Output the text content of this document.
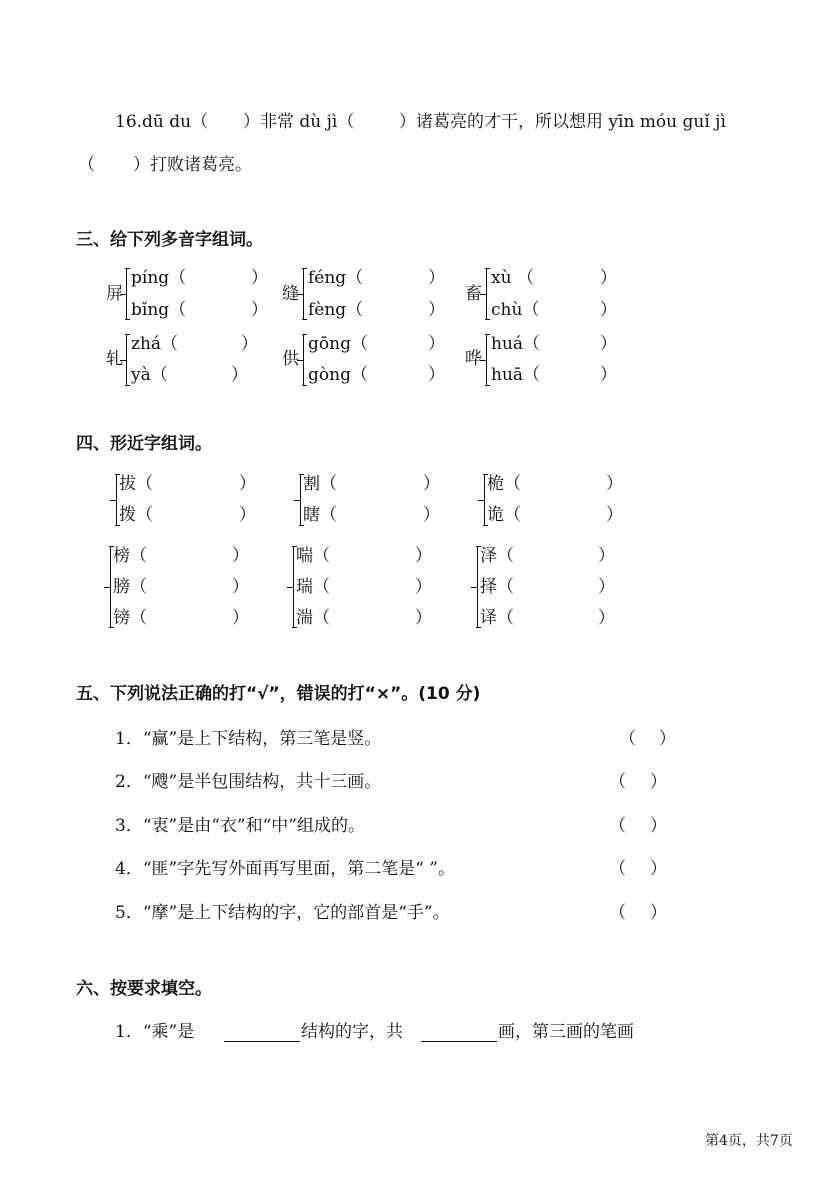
16.dū du（ ）非常 dù jì（	）诸葛亮的才干，所以想用 yīn móu guǐ jì
（ ）打败诸葛亮。
三、给下列多音字组词。
屏
píng（	）
bǐng（	）
缝
féng（	）
fèng（	）
畜
xù （	）
chù（	）
轧
zhá（	）
yà（	）
供
gōng（	）
gòng（	）
哗
huá（	）
huā（	）
四、形近字组词。
拔（	）
拨（	）
割（	）
瞎（	）
桅（	）
诡（	）
榜（	）
膀（	）
镑（	）
喘（	）
瑞（	）
湍（	）
泽（	）
择（	）
译（	）
五、下列说法正确的打“√”，错误的打“×”。(10 分)
1．“赢”是上下结构，第三笔是竖。	（ ）
2．“飕”是半包围结构，共十三画。	（ ）
3．“衷”是由“衣”和“中”组成的。	（ ）
4．“匪”字先写外面再写里面，第二笔是“ ”。	（ ）
5．“摩”是上下结构的字，它的部首是“手”。	（ ）
六、按要求填空。
1．“乘”是	结构的字，共	画，第三画的笔画
第4页，共7页
